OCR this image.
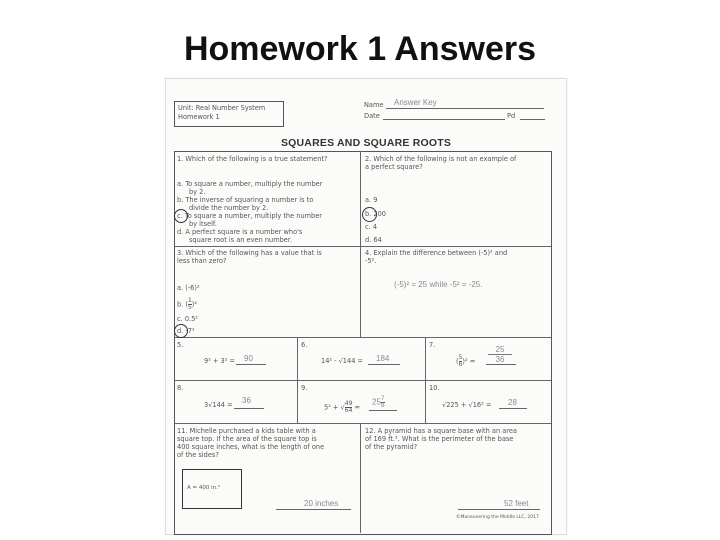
Homework 1 Answers
Unit: Real Number System
Homework 1
Name Answer Key
Date	Pd
SQUARES AND SQUARE ROOTS
1. Which of the following is a true statement?
a. To square a number, multiply the number
by 2.
b. The inverse of squaring a number is to
divide the number by 2.
c. To square a number, multiply the number
by itself.
d. A perfect square is a number who's
square root is an even number.
2. Which of the following is not an example of
a perfect square?
a. 9
b. 200
c. 4
d. 64
3. Which of the following has a value that is
less than zero?
a. (-6)²
b. ( $\frac{1}{5} )^2$
c. 0.5²
d. -7²
4. Explain the difference between (-5)² and
-5².
(-5)² = 25 while -5² = -25.
5.
9² + 3² = 90
6.
14² - √144 = 184
7.
( $\frac{5}{6} )^2 = \frac{25}{36}$
8.
3√144 = 36
9.
5² + √ $\frac{49}{64}$ =
$25 \frac{7}{8}$
10.
√225 + √16² = 28
11. Michelle purchased a kids table with a
square top. If the area of the square top is
400 square inches, what is the length of one
of the sides?
A = 400 in.²
20 inches
12. A pyramid has a square base with an area
of 169 ft.². What is the perimeter of the base
of the pyramid?
52 feet
©Maneuvering the Middle LLC, 2017
